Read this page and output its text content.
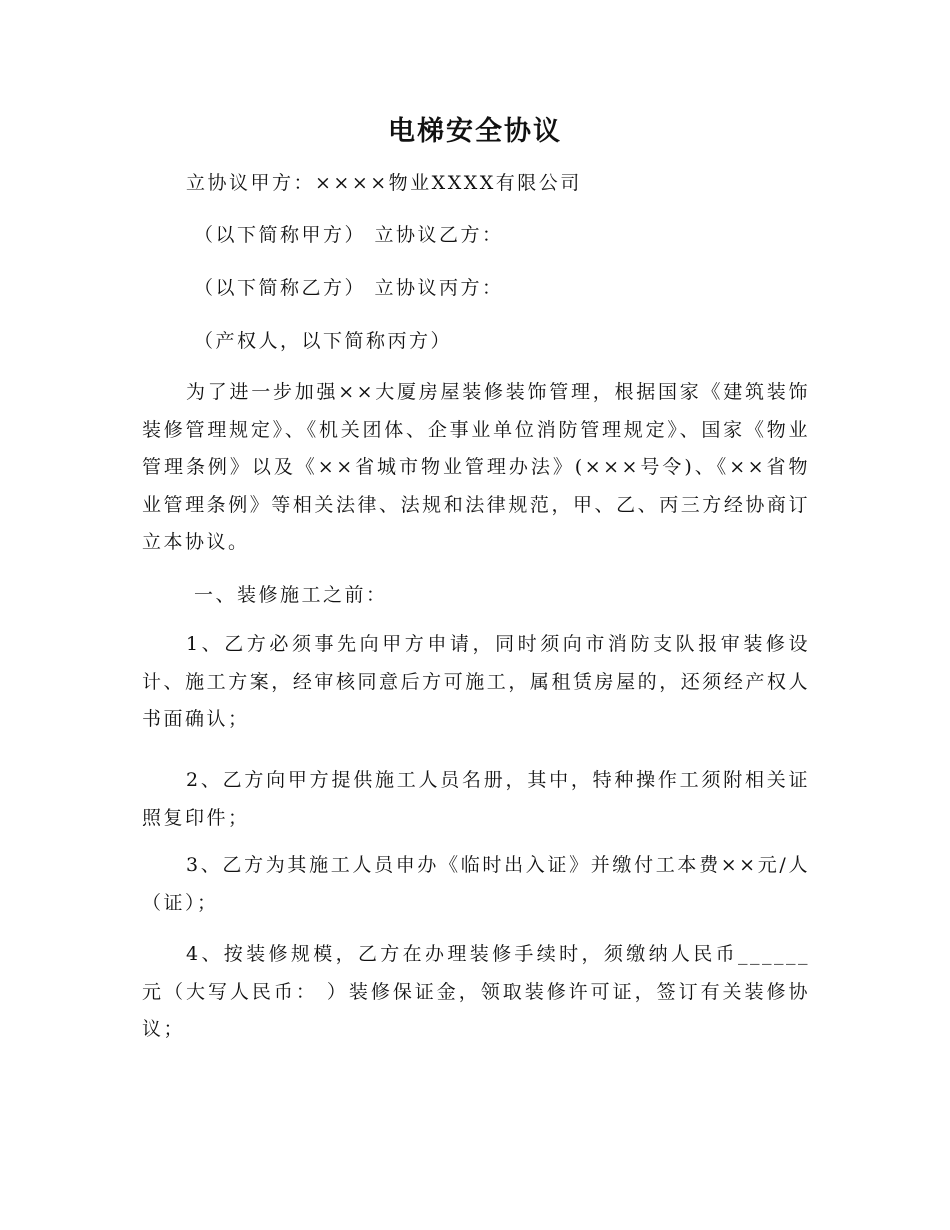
电梯安全协议
立协议甲方：××××物业XXXX有限公司
（以下简称甲方） 立协议乙方：
（以下简称乙方） 立协议丙方：
（产权人，以下简称丙方）
为了进一步加强××大厦房屋装修装饰管理，根据国家《建筑装饰装修管理规定》、《机关团体、企事业单位消防管理规定》、国家《物业管理条例》以及《××省城市物业管理办法》(×××号令)、《××省物业管理条例》等相关法律、法规和法律规范，甲、乙、丙三方经协商订立本协议。
一、装修施工之前：
1、乙方必须事先向甲方申请，同时须向市消防支队报审装修设计、施工方案，经审核同意后方可施工，属租赁房屋的，还须经产权人书面确认；
2、乙方向甲方提供施工人员名册，其中，特种操作工须附相关证照复印件；
3、乙方为其施工人员申办《临时出入证》并缴付工本费××元/人（证）；
4、按装修规模，乙方在办理装修手续时，须缴纳人民币______元（大写人民币： ）装修保证金，领取装修许可证，签订有关装修协议；
